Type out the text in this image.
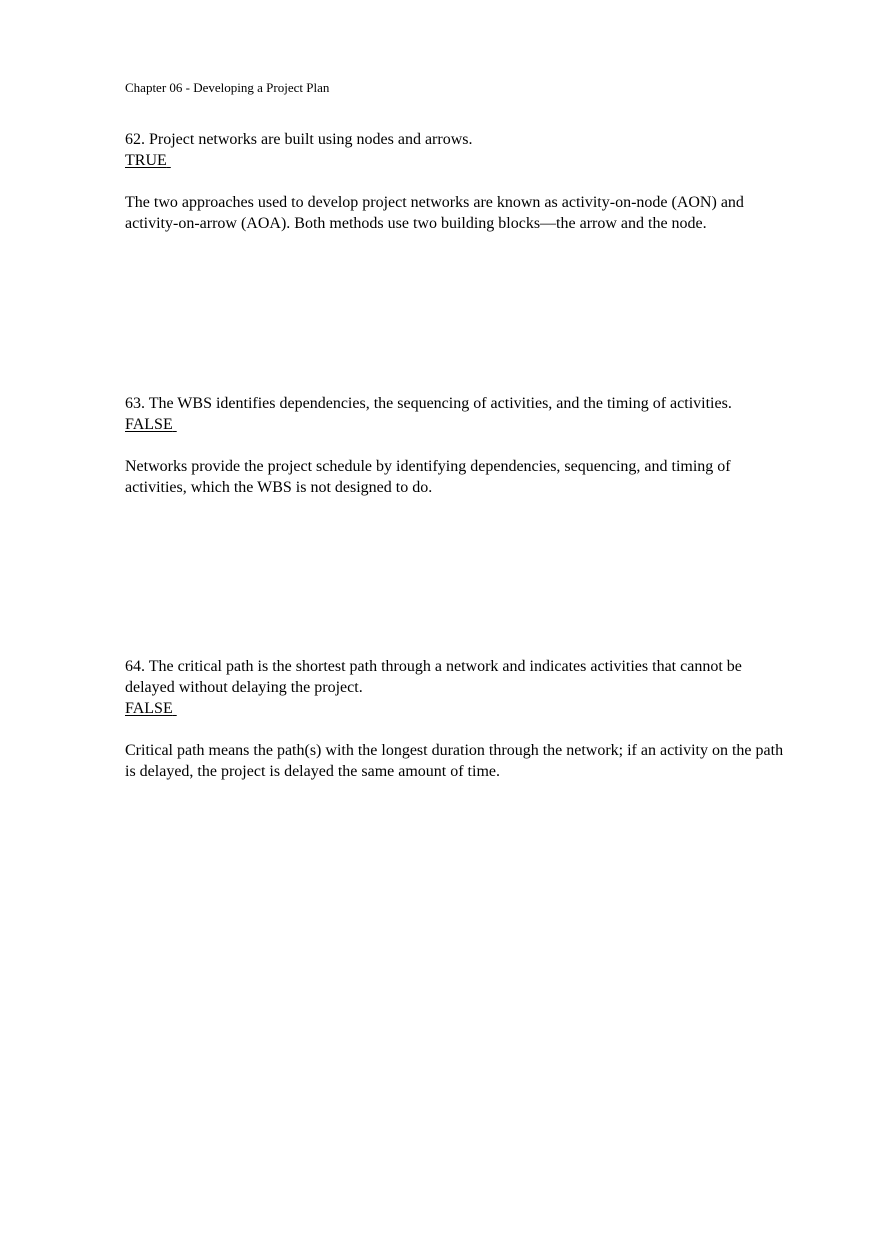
Chapter 06 - Developing a Project Plan

62. Project networks are built using nodes and arrows.

TRUE

The two approaches used to develop project networks are known as activity-on-node (AON) and activity-on-arrow (AOA). Both methods use two building blocks—the arrow and the node.

63. The WBS identifies dependencies, the sequencing of activities, and the timing of activities.

FALSE

Networks provide the project schedule by identifying dependencies, sequencing, and timing of activities, which the WBS is not designed to do.

64. The critical path is the shortest path through a network and indicates activities that cannot be delayed without delaying the project.

FALSE

Critical path means the path(s) with the longest duration through the network; if an activity on the path is delayed, the project is delayed the same amount of time.
